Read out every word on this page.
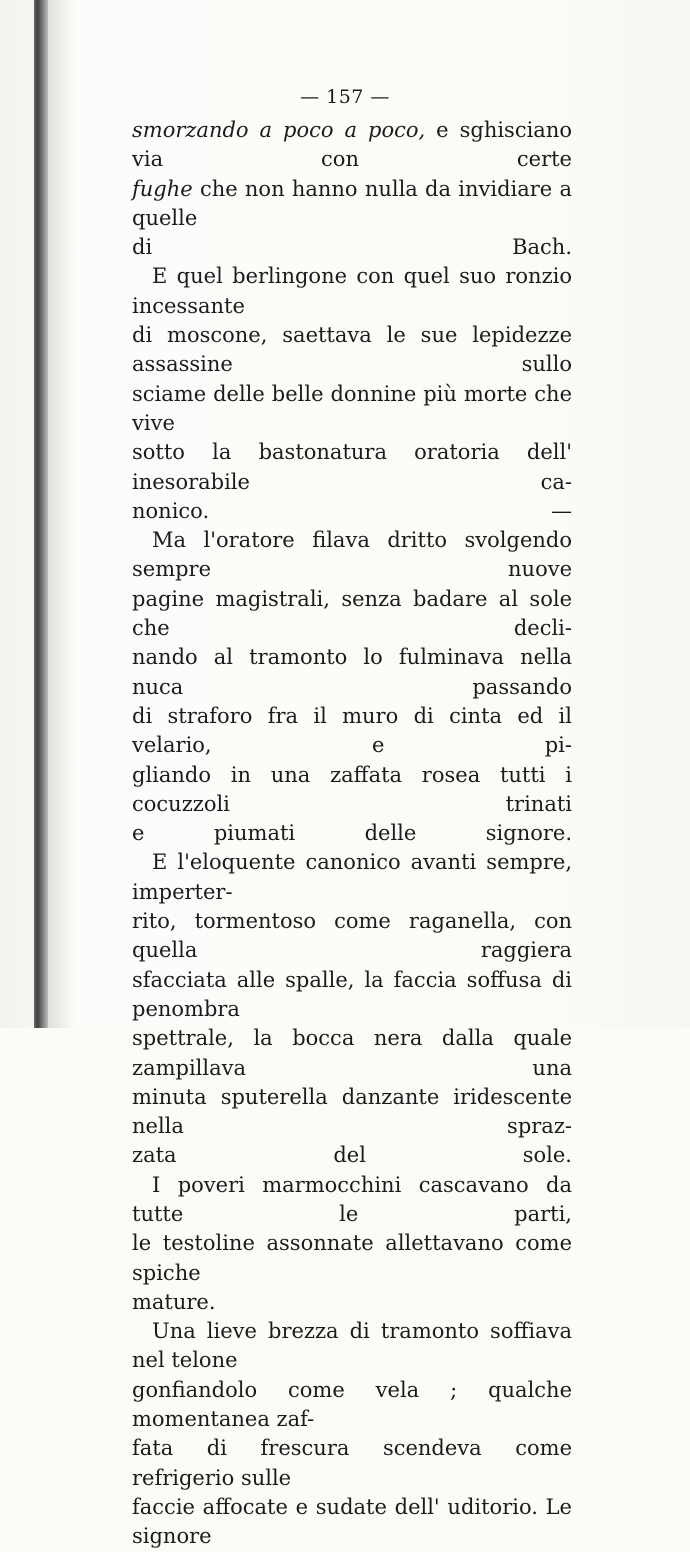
— 157 —

smorzando a poco a poco, e sghisciano via con certe
fughe che non hanno nulla da invidiare a quelle
di Bach.

E quel berlingone con quel suo ronzio incessante
di moscone, saettava le sue lepidezze assassine sullo
sciame delle belle donnine più morte che vive
sotto la bastonatura oratoria dell' inesorabile ca-
nonico. —

Ma l'oratore filava dritto svolgendo sempre nuove
pagine magistrali, senza badare al sole che decli-
nando al tramonto lo fulminava nella nuca passando
di straforo fra il muro di cinta ed il velario, e pi-
gliando in una zaffata rosea tutti i cocuzzoli trinati
e piumati delle signore.

E l'eloquente canonico avanti sempre, imperter-
rito, tormentoso come raganella, con quella raggiera
sfacciata alle spalle, la faccia soffusa di penombra
spettrale, la bocca nera dalla quale zampillava una
minuta sputerella danzante iridescente nella spraz-
zata del sole.

I poveri marmocchini cascavano da tutte le parti,
le testoline assonnate allettavano come spiche
mature.

Una lieve brezza di tramonto soffiava nel telone
gonfiandolo come vela ; qualche momentanea zaf-
fata di frescura scendeva come refrigerio sulle
faccie affocate e sudate dell' uditorio. Le signore
